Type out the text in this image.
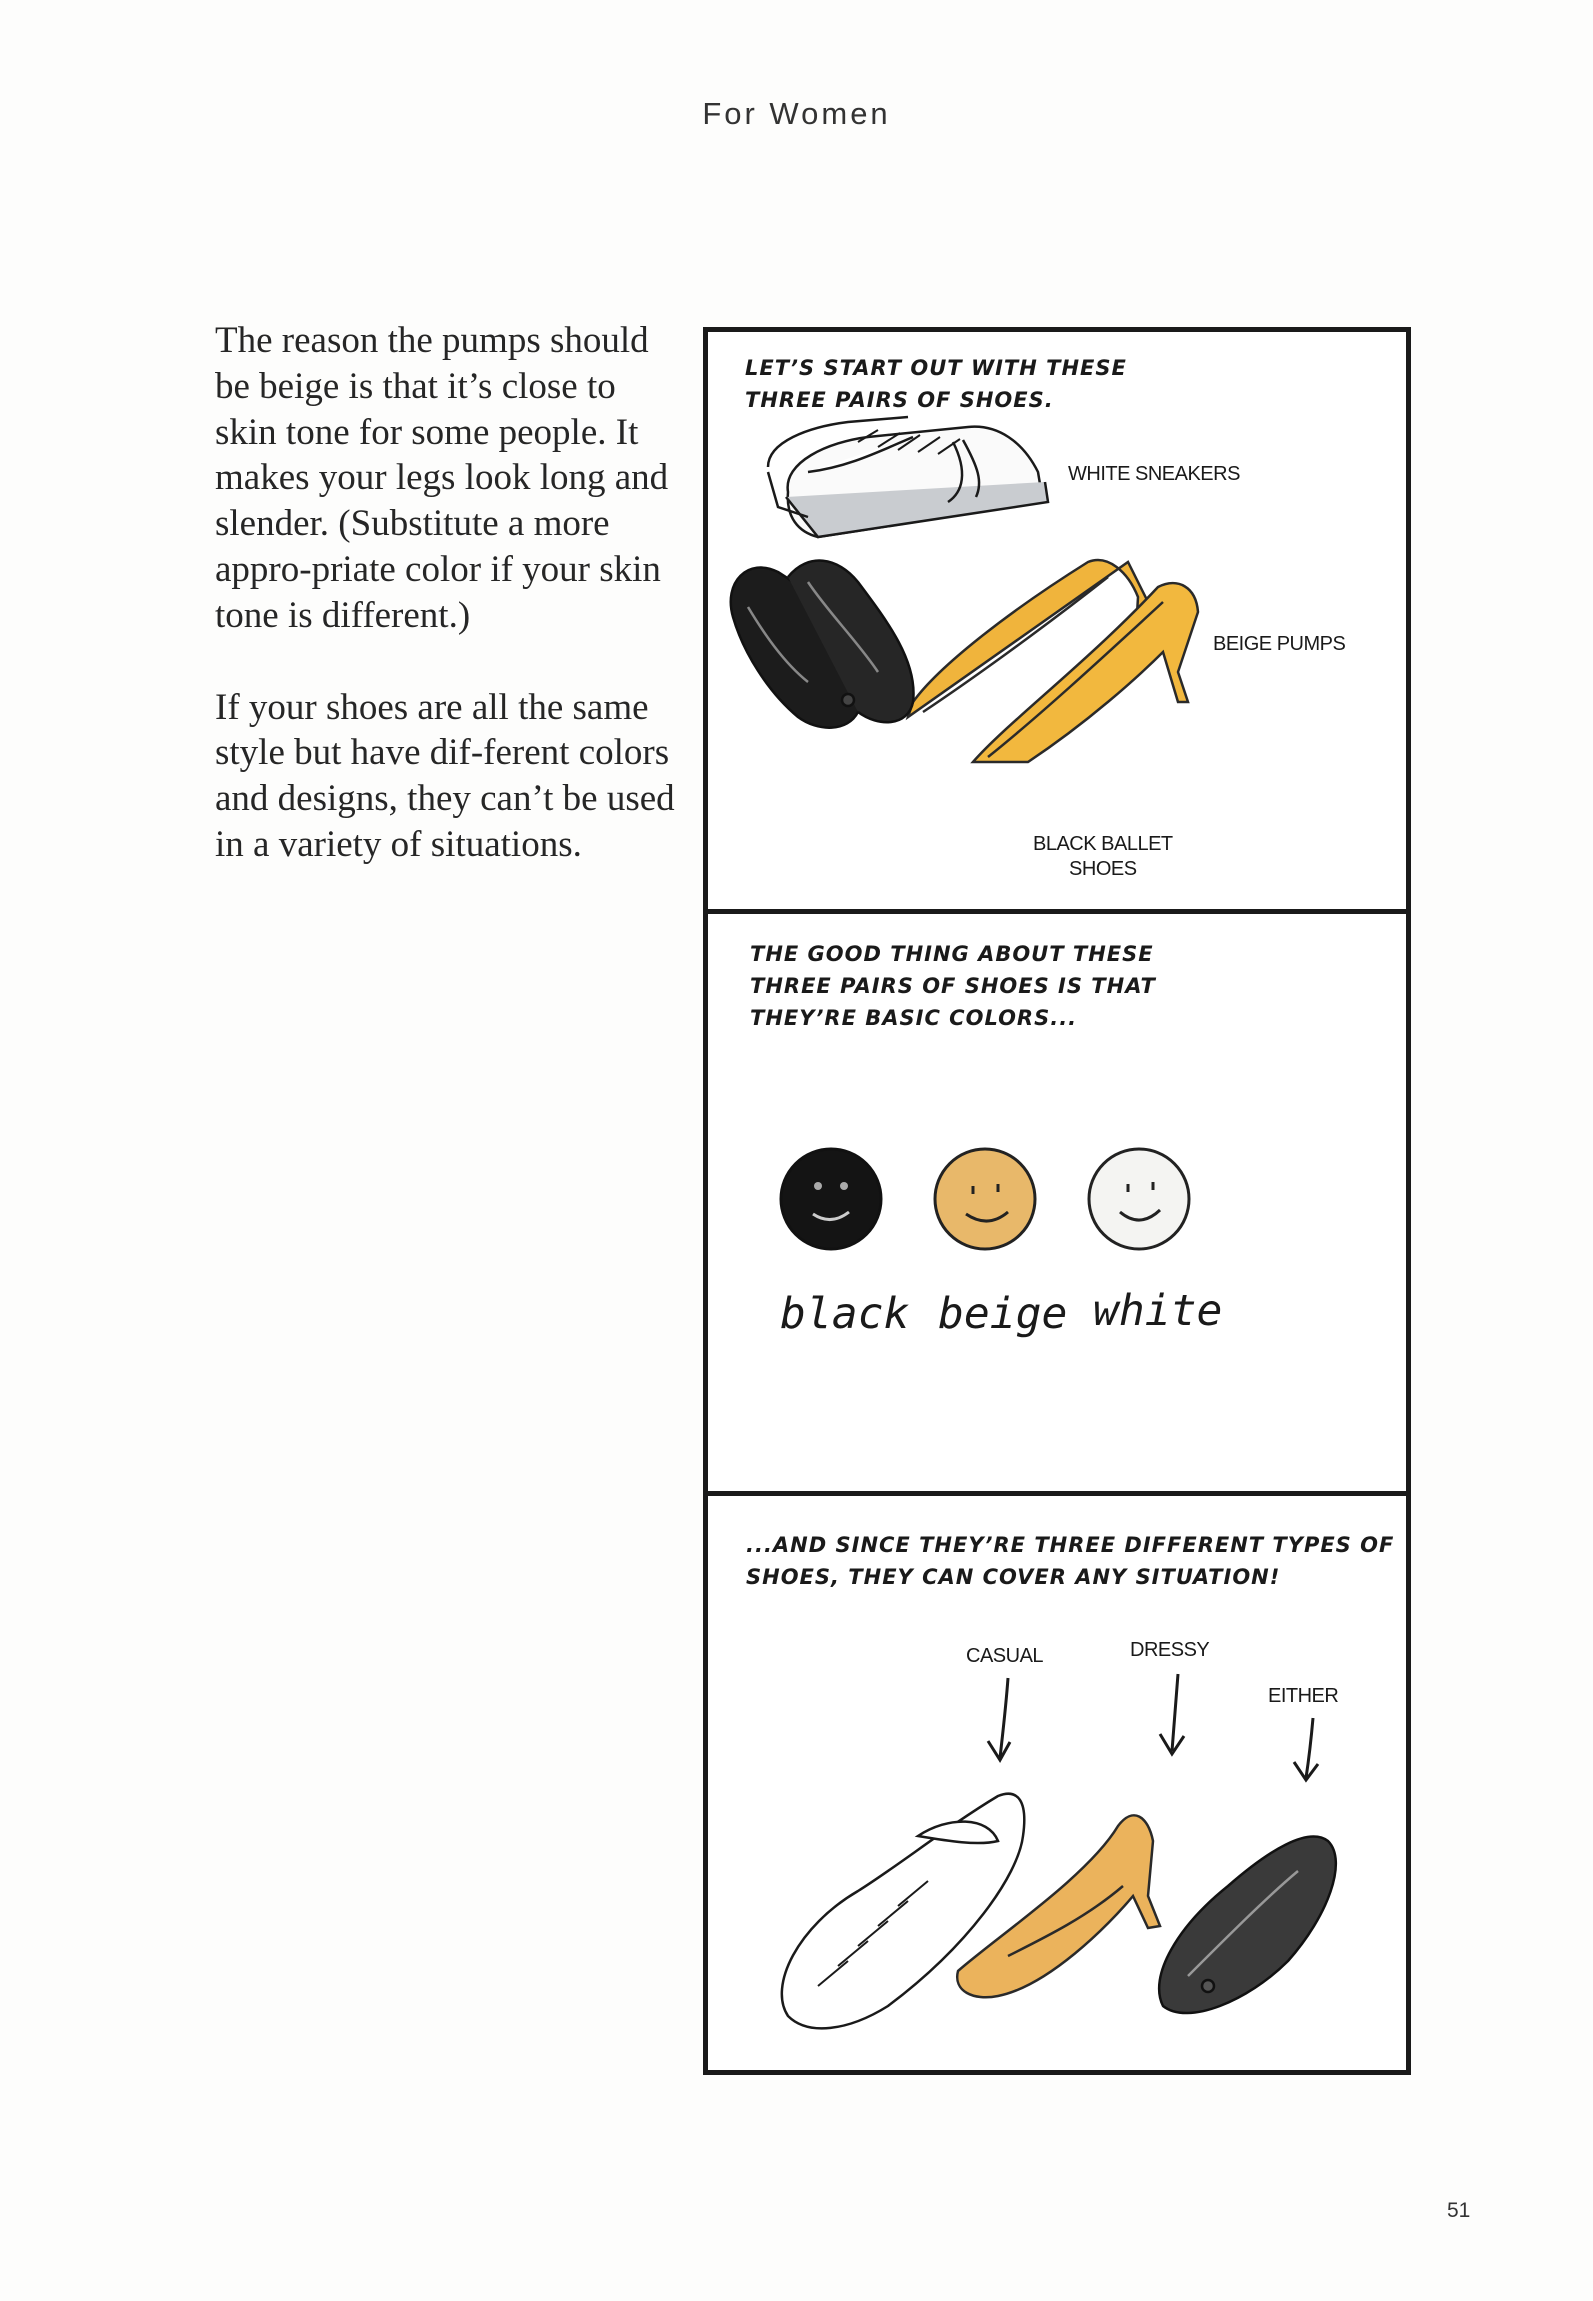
For Women

The reason the pumps should be beige is that it’s close to skin tone for some people. It makes your legs look long and slender. (Substitute a more appro-priate color if your skin tone is different.)

If your shoes are all the same style but have dif-ferent colors and designs, they can’t be used in a variety of situations.

LET’S START OUT WITH THESE
THREE PAIRS OF SHOES.
WHITE SNEAKERS
BEIGE PUMPS
BLACK BALLET
SHOES
THE GOOD THING ABOUT THESE
THREE PAIRS OF SHOES IS THAT
THEY’RE BASIC COLORS...
black beige white
...AND SINCE THEY’RE THREE DIFFERENT TYPES OF
SHOES, THEY CAN COVER ANY SITUATION!
CASUAL	DRESSY
EITHER
51
